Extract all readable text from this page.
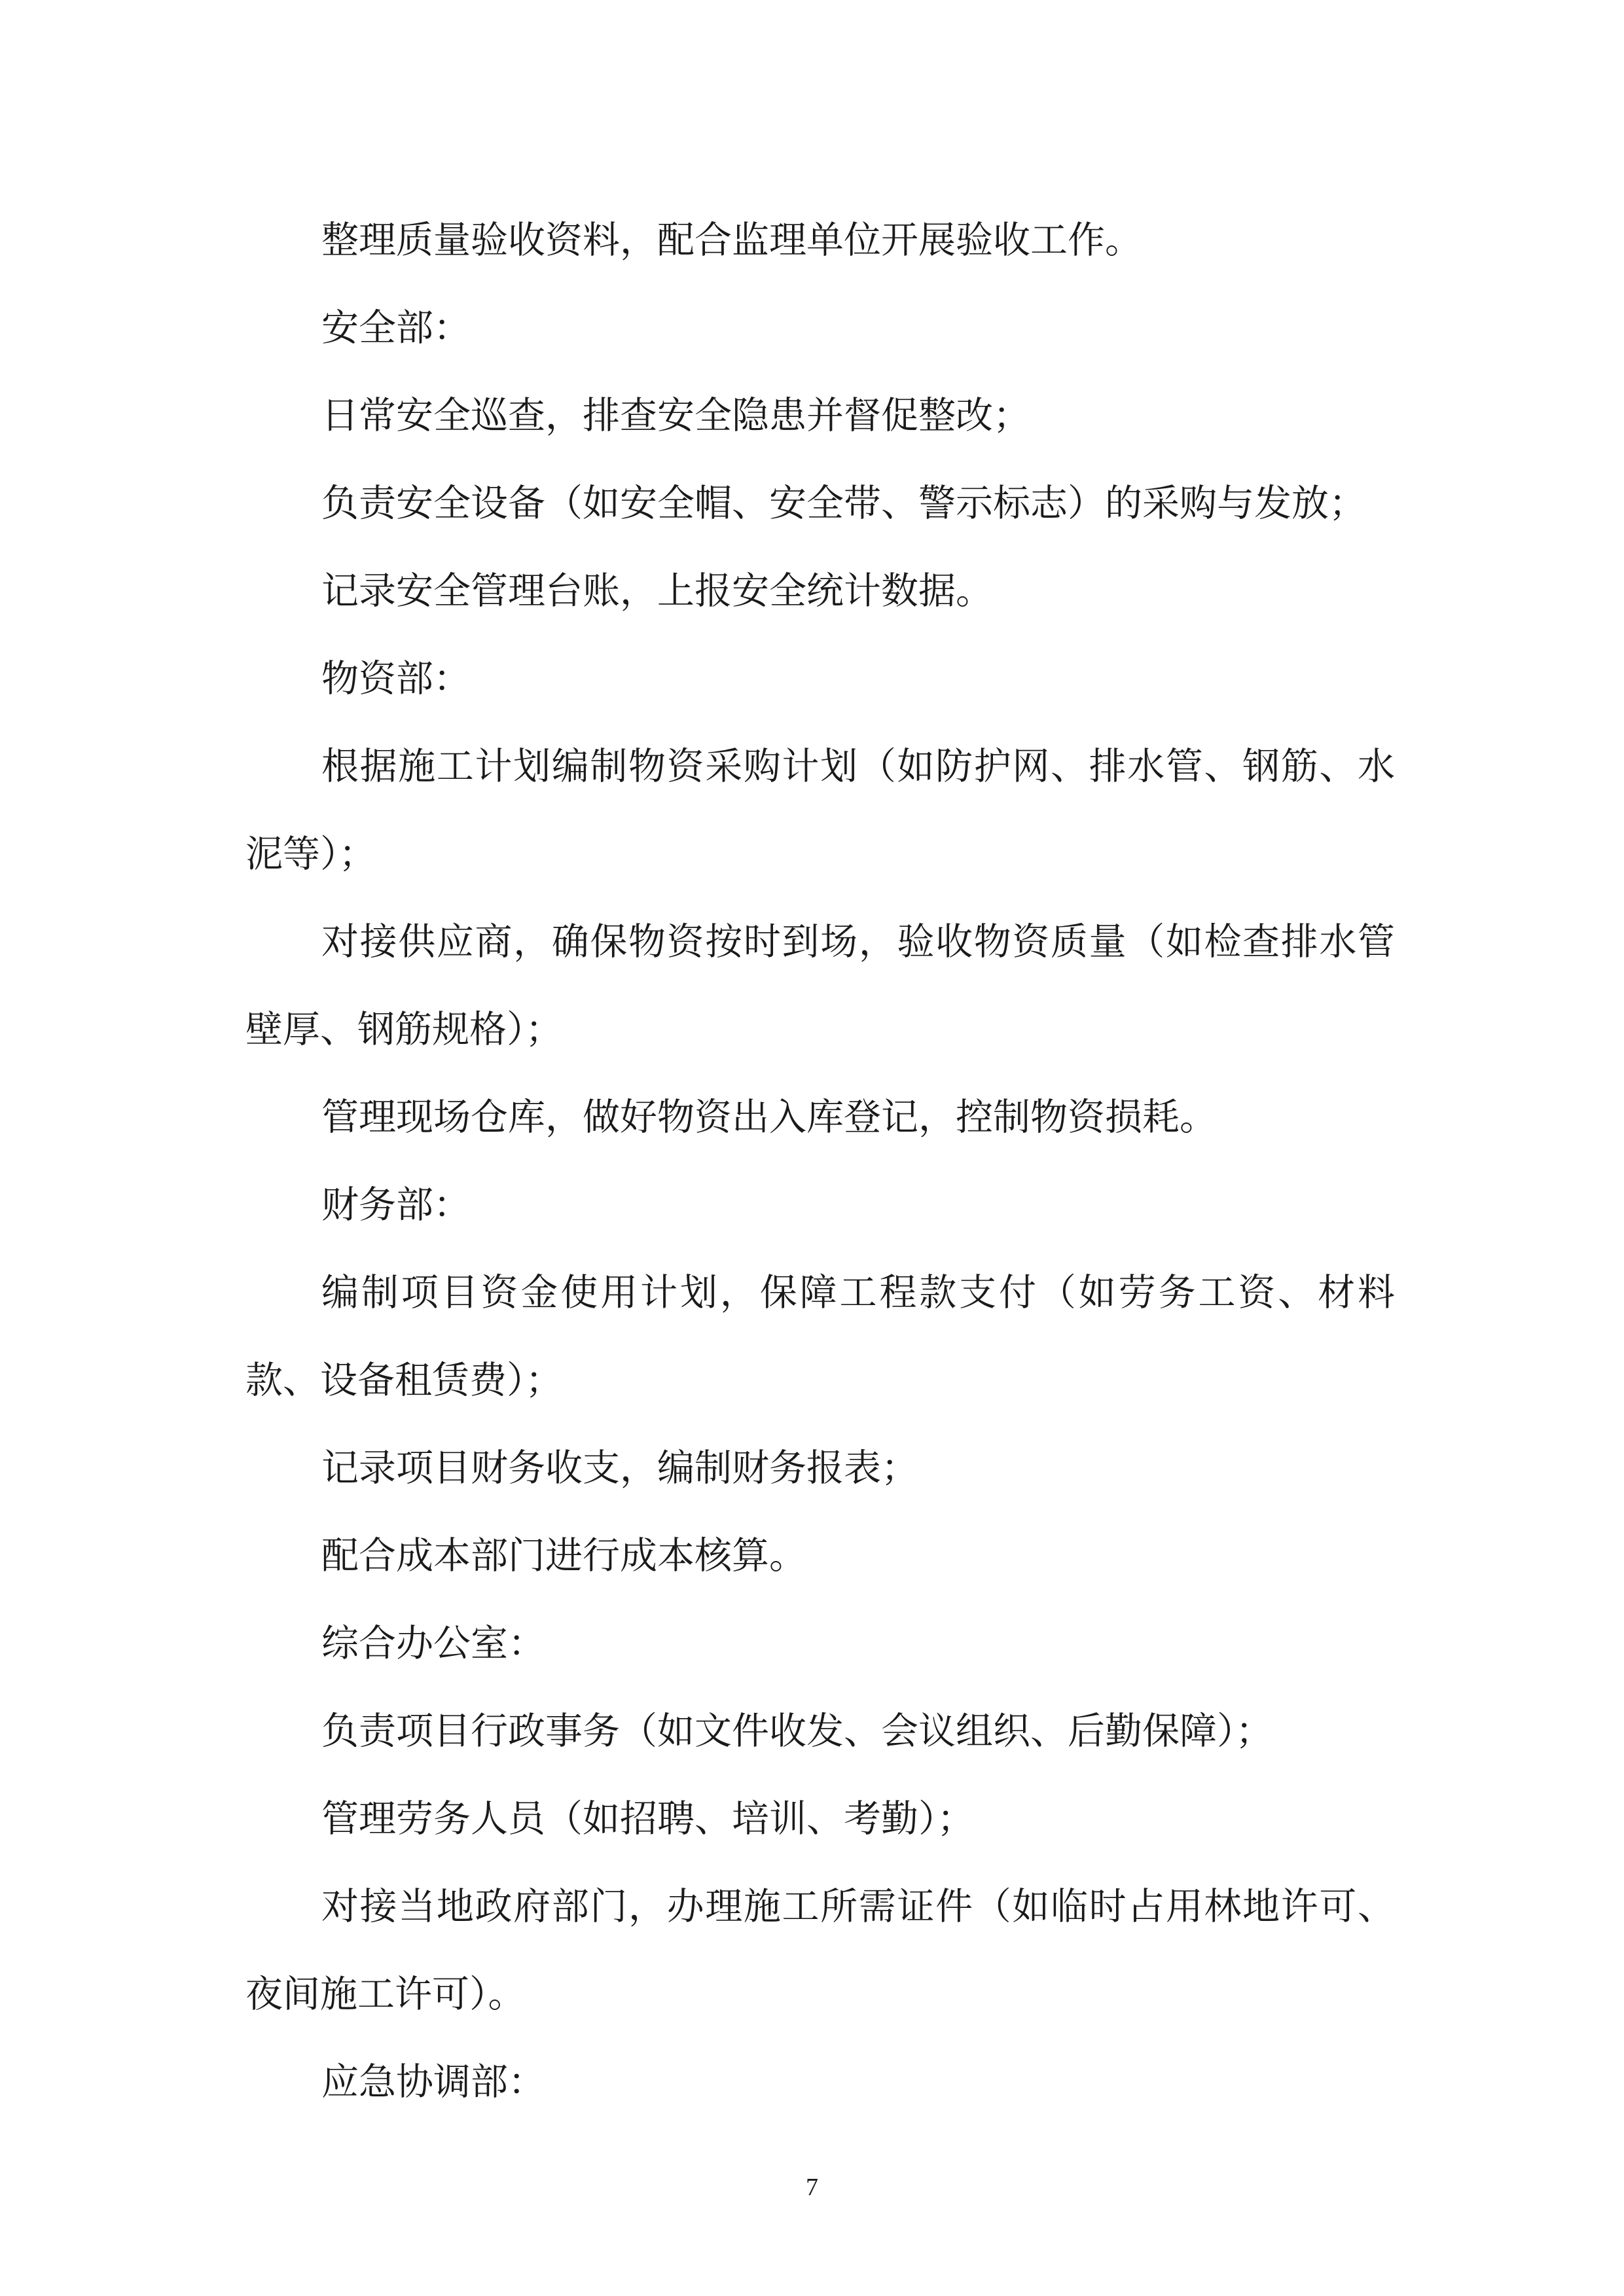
整理质量验收资料，配合监理单位开展验收工作。

安全部：

日常安全巡查，排查安全隐患并督促整改；

负责安全设备（如安全帽、安全带、警示标志）的采购与发放；

记录安全管理台账，上报安全统计数据。

物资部：

根据施工计划编制物资采购计划（如防护网、排水管、钢筋、水泥等）；

对接供应商，确保物资按时到场，验收物资质量（如检查排水管壁厚、钢筋规格）；

管理现场仓库，做好物资出入库登记，控制物资损耗。

财务部：

编制项目资金使用计划，保障工程款支付（如劳务工资、材料款、设备租赁费）；

记录项目财务收支，编制财务报表；

配合成本部门进行成本核算。

综合办公室：

负责项目行政事务（如文件收发、会议组织、后勤保障）；

管理劳务人员（如招聘、培训、考勤）；

对接当地政府部门，办理施工所需证件（如临时占用林地许可、夜间施工许可）。

应急协调部：

7
